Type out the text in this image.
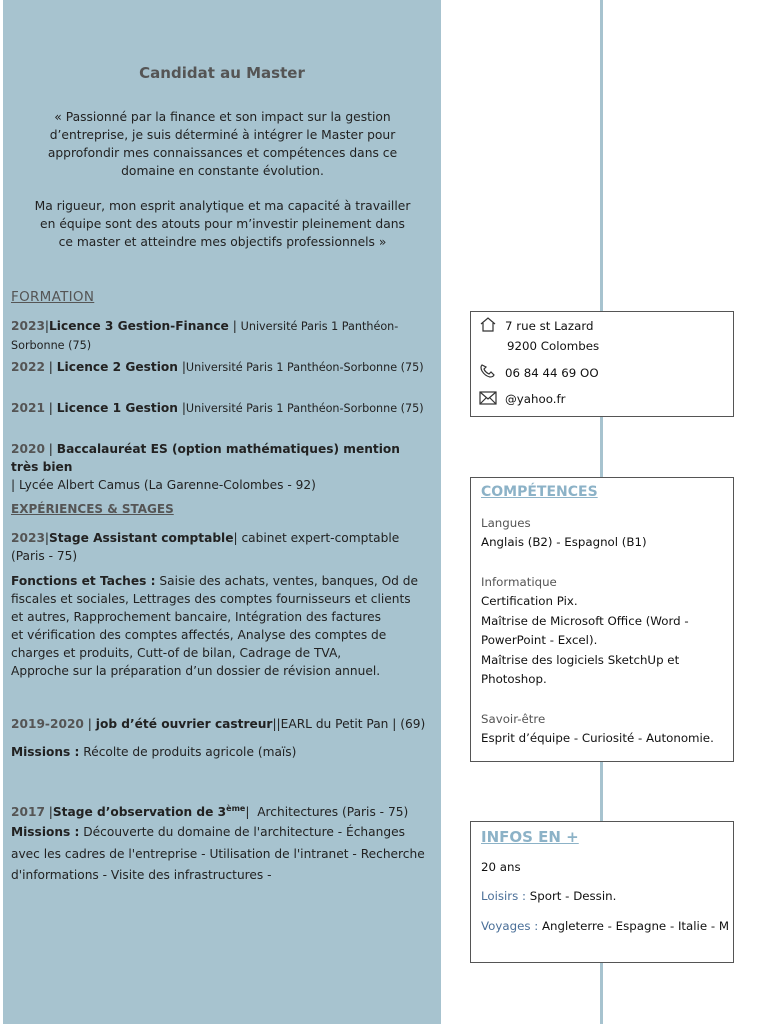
Candidat au Master
« Passionné par la finance et son impact sur la gestion
d’entreprise, je suis déterminé à intégrer le Master pour
approfondir mes connaissances et compétences dans ce
domaine en constante évolution.
Ma rigueur, mon esprit analytique et ma capacité à travailler
en équipe sont des atouts pour m’investir pleinement dans
ce master et atteindre mes objectifs professionnels »
FORMATION
2023|Licence 3 Gestion-Finance | Université Paris 1 Panthéon-
Sorbonne (75)
2022 | Licence 2 Gestion |Université Paris 1 Panthéon-Sorbonne (75)
2021 | Licence 1 Gestion |Université Paris 1 Panthéon-Sorbonne (75)
2020 | Baccalauréat ES (option mathématiques) mention très bien
| Lycée Albert Camus (La Garenne-Colombes - 92)
EXPÉRIENCES & STAGES
2023|Stage Assistant comptable| cabinet expert-comptable
(Paris - 75)
Fonctions et Taches : Saisie des achats, ventes, banques, Od de
fiscales et sociales, Lettrages des comptes fournisseurs et clients
et autres, Rapprochement bancaire, Intégration des factures
et vérification des comptes affectés, Analyse des comptes de
charges et produits, Cutt-of de bilan, Cadrage de TVA,
Approche sur la préparation d’un dossier de révision annuel.
2019-2020 | job d’été ouvrier castreur||EARL du Petit Pan | (69)
Missions : Récolte de produits agricole (maïs)
2017 |Stage d’observation de 3ème| Architectures (Paris - 75)
Missions : Découverte du domaine de l'architecture - Échanges
avec les cadres de l'entreprise - Utilisation de l'intranet - Recherche
d'informations - Visite des infrastructures -
7 rue st Lazard
9200 Colombes
06 84 44 69 OO
@yahoo.fr
COMPÉTENCES
Langues
Anglais (B2) - Espagnol (B1)
Informatique
Certification Pix.
Maîtrise de Microsoft Office (Word -
PowerPoint - Excel).
Maîtrise des logiciels SketchUp et
Photoshop.
Savoir-être
Esprit d’équipe - Curiosité - Autonomie.
INFOS EN +
20 ans
Loisirs : Sport - Dessin.
Voyages : Angleterre - Espagne - Italie - M
